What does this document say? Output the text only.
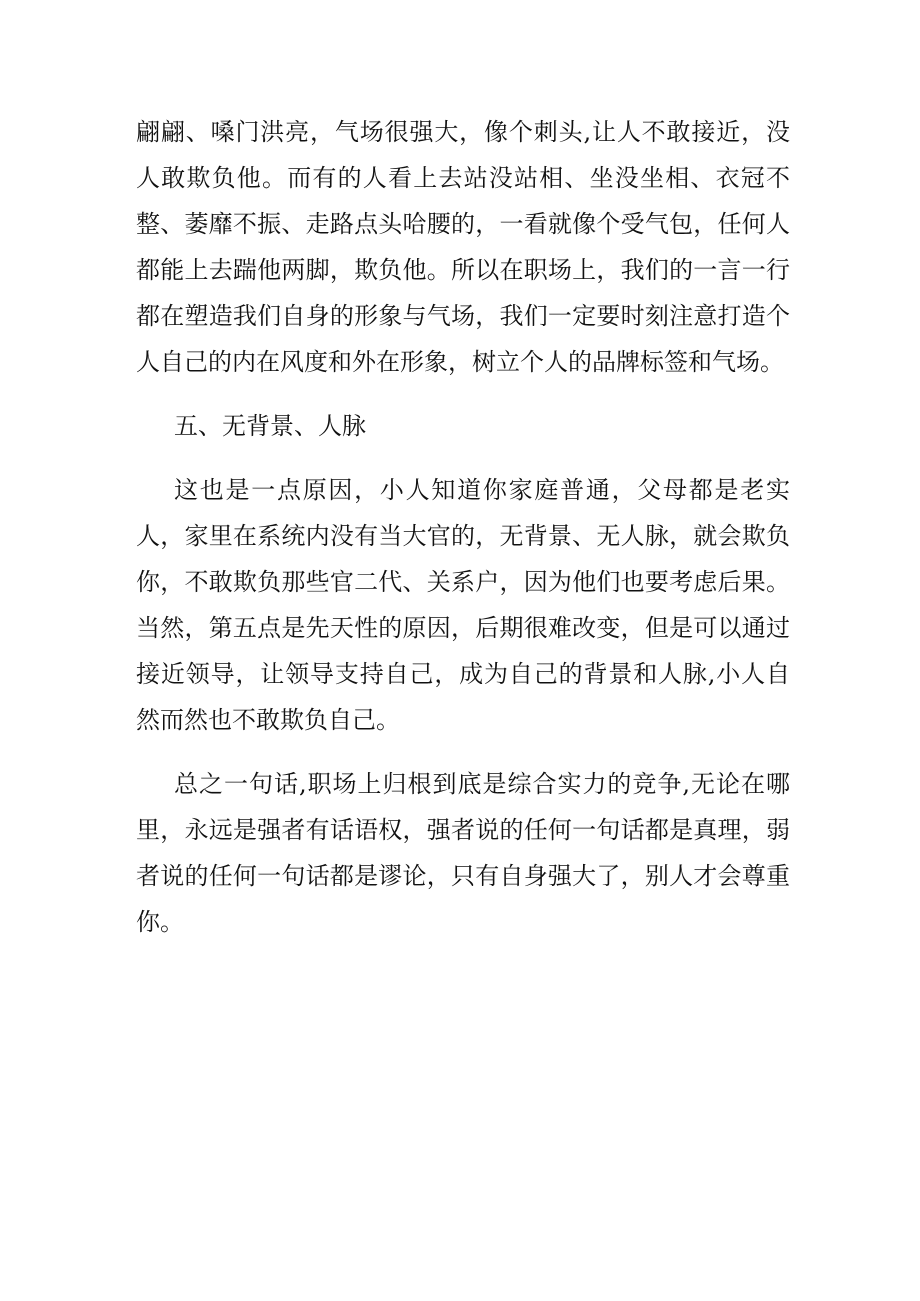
翩翩、嗓门洪亮，气场很强大，像个刺头,让人不敢接近，没人敢欺负他。而有的人看上去站没站相、坐没坐相、衣冠不整、萎靡不振、走路点头哈腰的，一看就像个受气包，任何人都能上去踹他两脚，欺负他。所以在职场上，我们的一言一行都在塑造我们自身的形象与气场，我们一定要时刻注意打造个人自己的内在风度和外在形象，树立个人的品牌标签和气场。

五、无背景、人脉

这也是一点原因，小人知道你家庭普通，父母都是老实人，家里在系统内没有当大官的，无背景、无人脉，就会欺负你，不敢欺负那些官二代、关系户，因为他们也要考虑后果。当然，第五点是先天性的原因，后期很难改变，但是可以通过接近领导，让领导支持自己，成为自己的背景和人脉,小人自然而然也不敢欺负自己。

总之一句话,职场上归根到底是综合实力的竞争,无论在哪里，永远是强者有话语权，强者说的任何一句话都是真理，弱者说的任何一句话都是谬论，只有自身强大了，别人才会尊重你。
